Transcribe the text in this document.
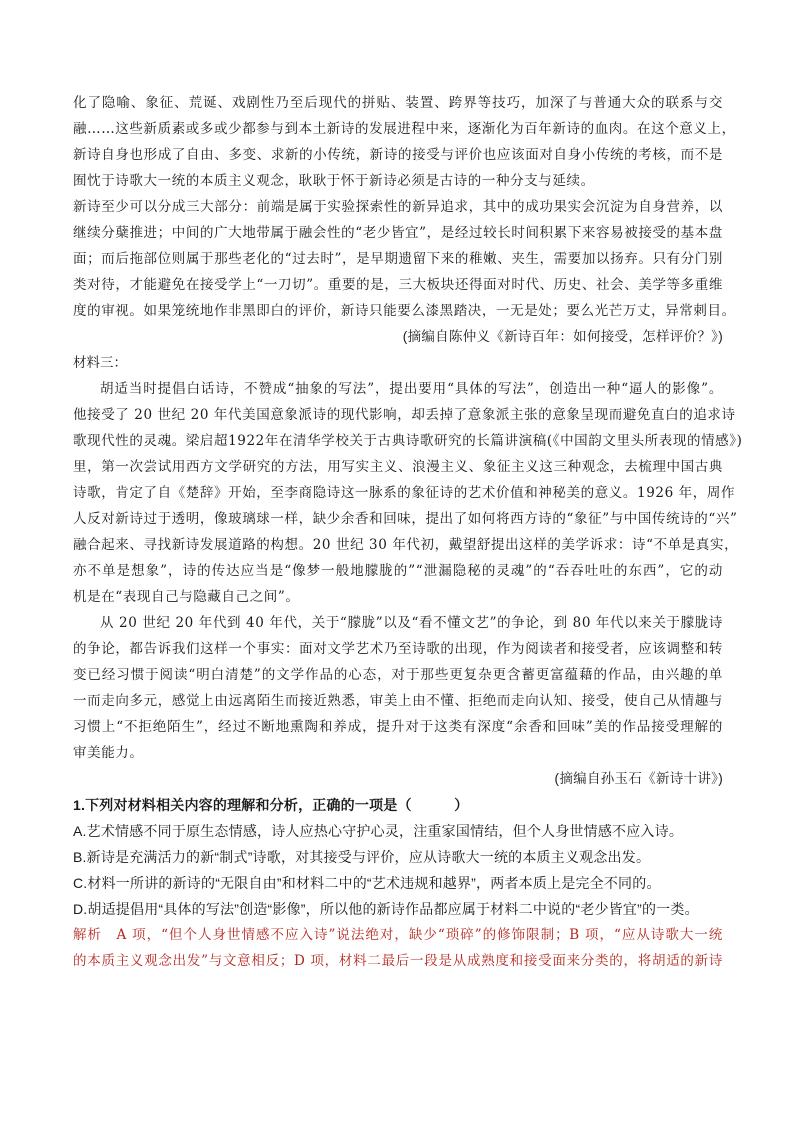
化了隐喻、象征、荒诞、戏剧性乃至后现代的拼贴、装置、跨界等技巧，加深了与普通大众的联系与交
融……这些新质素或多或少都参与到本土新诗的发展进程中来，逐渐化为百年新诗的血肉。在这个意义上，
新诗自身也形成了自由、多变、求新的小传统，新诗的接受与评价也应该面对自身小传统的考核，而不是
囿忱于诗歌大一统的本质主义观念，耿耿于怀于新诗必须是古诗的一种分支与延续。
新诗至少可以分成三大部分：前端是属于实验探索性的新异追求，其中的成功果实会沉淀为自身营养，以
继续分蘖推进；中间的广大地带属于融会性的“老少皆宜”，是经过较长时间积累下来容易被接受的基本盘
面；而后拖部位则属于那些老化的“过去时”，是早期遗留下来的稚嫩、夹生，需要加以扬弃。只有分门别
类对待，才能避免在接受学上“一刀切”。重要的是，三大板块还得面对时代、历史、社会、美学等多重维
度的审视。如果笼统地作非黑即白的评价，新诗只能要么漆黑踏决，一无是处；要么光芒万丈，异常刺目。
(摘编自陈仲义《新诗百年：如何接受，怎样评价？》)
材料三：
胡适当时提倡白话诗，不赞成“抽象的写法”，提出要用“具体的写法”，创造出一种“逼人的影像”。
他接受了 20 世纪 20 年代美国意象派诗的现代影响，却丢掉了意象派主张的意象呈现而避免直白的追求诗
歌现代性的灵魂。梁启超1922年在清华学校关于古典诗歌研究的长篇讲演稿(《中国韵文里头所表现的情感》)
里，第一次尝试用西方文学研究的方法，用写实主义、浪漫主义、象征主义这三种观念，去梳理中国古典
诗歌，肯定了自《楚辞》开始，至李商隐诗这一脉系的象征诗的艺术价值和神秘美的意义。1926 年，周作
人反对新诗过于透明，像玻璃球一样，缺少余香和回味，提出了如何将西方诗的“象征”与中国传统诗的“兴”
融合起来、寻找新诗发展道路的构想。20 世纪 30 年代初，戴望舒提出这样的美学诉求：诗“不单是真实，
亦不单是想象”，诗的传达应当是“像梦一般地朦胧的”“泄漏隐秘的灵魂”的“吞吞吐吐的东西”，它的动
机是在“表现自己与隐藏自己之间”。
从 20 世纪 20 年代到 40 年代，关于“朦胧”以及“看不懂文艺”的争论，到 80 年代以来关于朦胧诗
的争论，都告诉我们这样一个事实：面对文学艺术乃至诗歌的出现，作为阅读者和接受者，应该调整和转
变已经习惯于阅读“明白清楚”的文学作品的心态，对于那些更复杂更含蓄更富蕴藉的作品，由兴趣的单
一而走向多元，感觉上由远离陌生而接近熟悉，审美上由不懂、拒绝而走向认知、接受，使自己从情趣与
习惯上“不拒绝陌生”，经过不断地熏陶和养成，提升对于这类有深度“余香和回味”美的作品接受理解的
审美能力。
(摘编自孙玉石《新诗十讲》)
1.下列对材料相关内容的理解和分析，正确的一项是（　　　）
A.艺术情感不同于原生态情感，诗人应热心守护心灵，注重家国情结，但个人身世情感不应入诗。
B.新诗是充满活力的新“制式”诗歌，对其接受与评价，应从诗歌大一统的本质主义观念出发。
C.材料一所讲的新诗的“无限自由”和材料二中的“艺术违规和越界”，两者本质上是完全不同的。
D.胡适提倡用“具体的写法”创造“影像”，所以他的新诗作品都应属于材料二中说的“老少皆宜”的一类。
解析　A 项，“但个人身世情感不应入诗”说法绝对，缺少“琐碎”的修饰限制；B 项，“应从诗歌大一统
的本质主义观念出发”与文意相反；D 项，材料二最后一段是从成熟度和接受面来分类的，将胡适的新诗
